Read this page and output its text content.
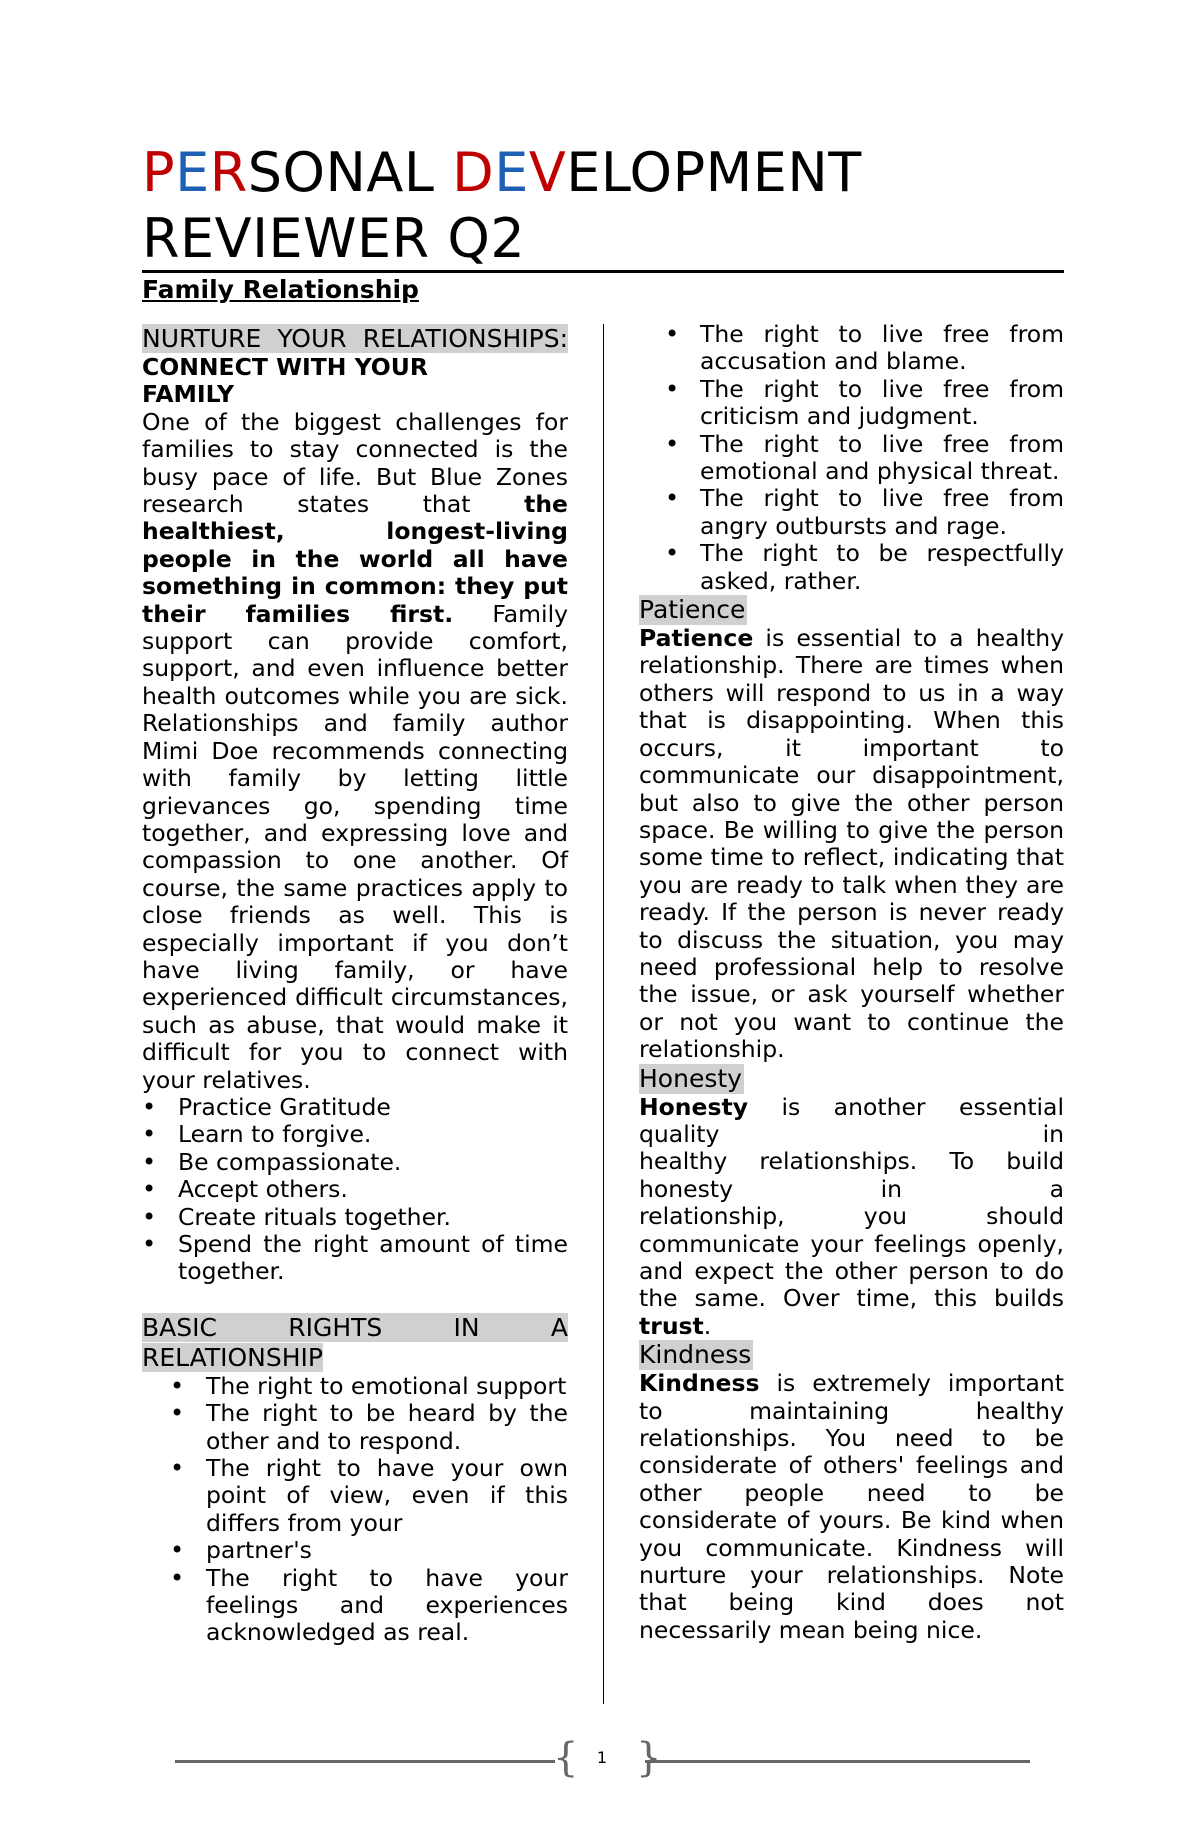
PERSONAL DEVELOPMENT
REVIEWER Q2
Family Relationship

NURTURE YOUR RELATIONSHIPS:

CONNECT WITH YOUR

FAMILY

One of the biggest challenges for families to stay connected is the busy pace of life. But Blue Zones research states that the healthiest, longest-living people in the world all have something in common: they put their families first. Family support can provide comfort, support, and even influence better health outcomes while you are sick. Relationships and family author Mimi Doe recommends connecting with family by letting little grievances go, spending time together, and expressing love and compassion to one another. Of course, the same practices apply to close friends as well. This is especially important if you don’t have living family, or have experienced difficult circumstances, such as abuse, that would make it difficult for you to connect with your relatives.

• Practice Gratitude
• Learn to forgive.
• Be compassionate.
• Accept others.
• Create rituals together.
• Spend the right amount of time together.

BASIC RIGHTS IN A

RELATIONSHIP

• The right to emotional support
• The right to be heard by the other and to respond.
• The right to have your own point of view, even if this differs from your
• partner's
• The right to have your feelings and experiences acknowledged as real.
• The right to live free from accusation and blame.
• The right to live free from criticism and judgment.
• The right to live free from emotional and physical threat.
• The right to live free from angry outbursts and rage.
• The right to be respectfully asked, rather.
Patience

Patience is essential to a healthy relationship. There are times when others will respond to us in a way that is disappointing. When this occurs, it important to communicate our disappointment, but also to give the other person space. Be willing to give the person some time to reflect, indicating that you are ready to talk when they are ready. If the person is never ready to discuss the situation, you may need professional help to resolve the issue, or ask yourself whether or not you want to continue the relationship.

Honesty

Honesty is another essential quality in

healthy relationships. To build honesty in a

relationship, you should communicate your feelings openly, and expect the other person to do the same. Over time, this builds trust.

Kindness

Kindness is extremely important to maintaining healthy relationships. You need to be considerate of others' feelings and other people need to be considerate of yours. Be kind when you communicate. Kindness will nurture your relationships. Note that being kind does not necessarily mean being nice.

{ }
1
